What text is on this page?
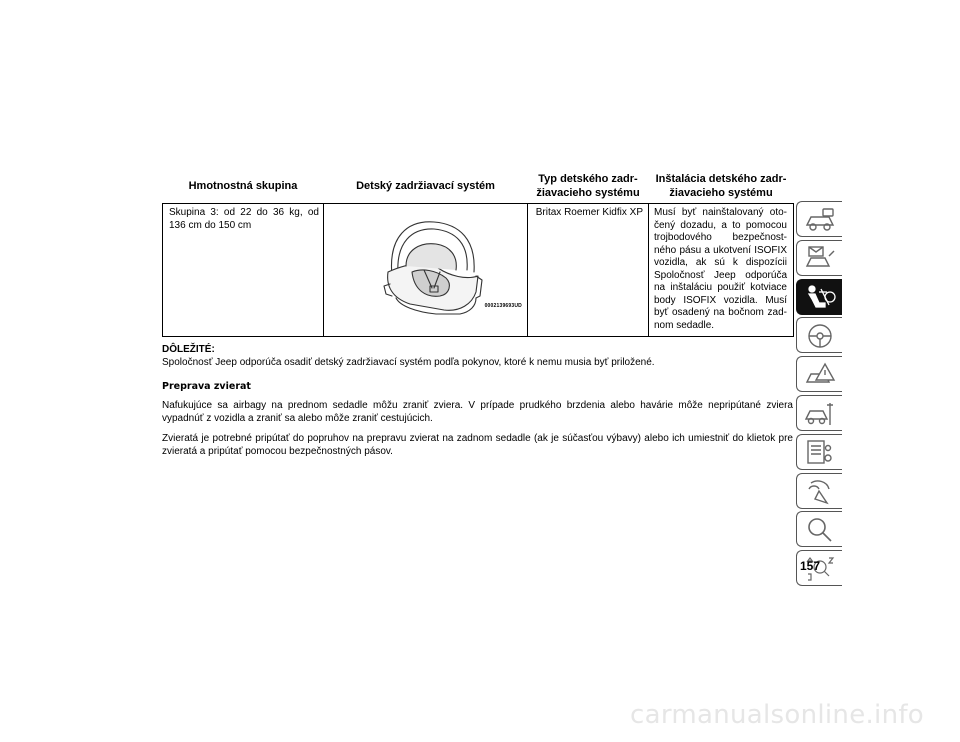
Hmotnostná skupina	Detský zadržiavací systém	Typ detského zadr-žiavacieho systému	Inštalácia detského zadr-žiavacieho systému
Skupina 3: od 22 do 36 kg, od 136 cm do 150 cm	0002139693UD	Britax Roemer Kidfix XP	Musí byť nainštalovaný oto-čený dozadu, a to pomocou trojbodového bezpečnost-ného pásu a ukotvení ISOFIX vozidla, ak sú k dispozícii Spoločnosť Jeep odporúča na inštaláciu použiť kotviace body ISOFIX vozidla. Musí byť osadený na bočnom zad-nom sedadle.
DÔLEŽITÉ:
Spoločnosť Jeep odporúča osadiť detský zadržiavací systém podľa pokynov, ktoré k nemu musia byť priložené.
Preprava zvierat
Nafukujúce sa airbagy na prednom sedadle môžu zraniť zviera. V prípade prudkého brzdenia alebo havárie môže nepripútané zviera vypadnúť z vozidla a zraniť sa alebo môže zraniť cestujúcich.
Zvieratá je potrebné pripútať do popruhov na prepravu zvierat na zadnom sedadle (ak je súčasťou výbavy) alebo ich umiestniť do klietok pre zvieratá a pripútať pomocou bezpečnostných pásov.
157
carmanualsonline.info
